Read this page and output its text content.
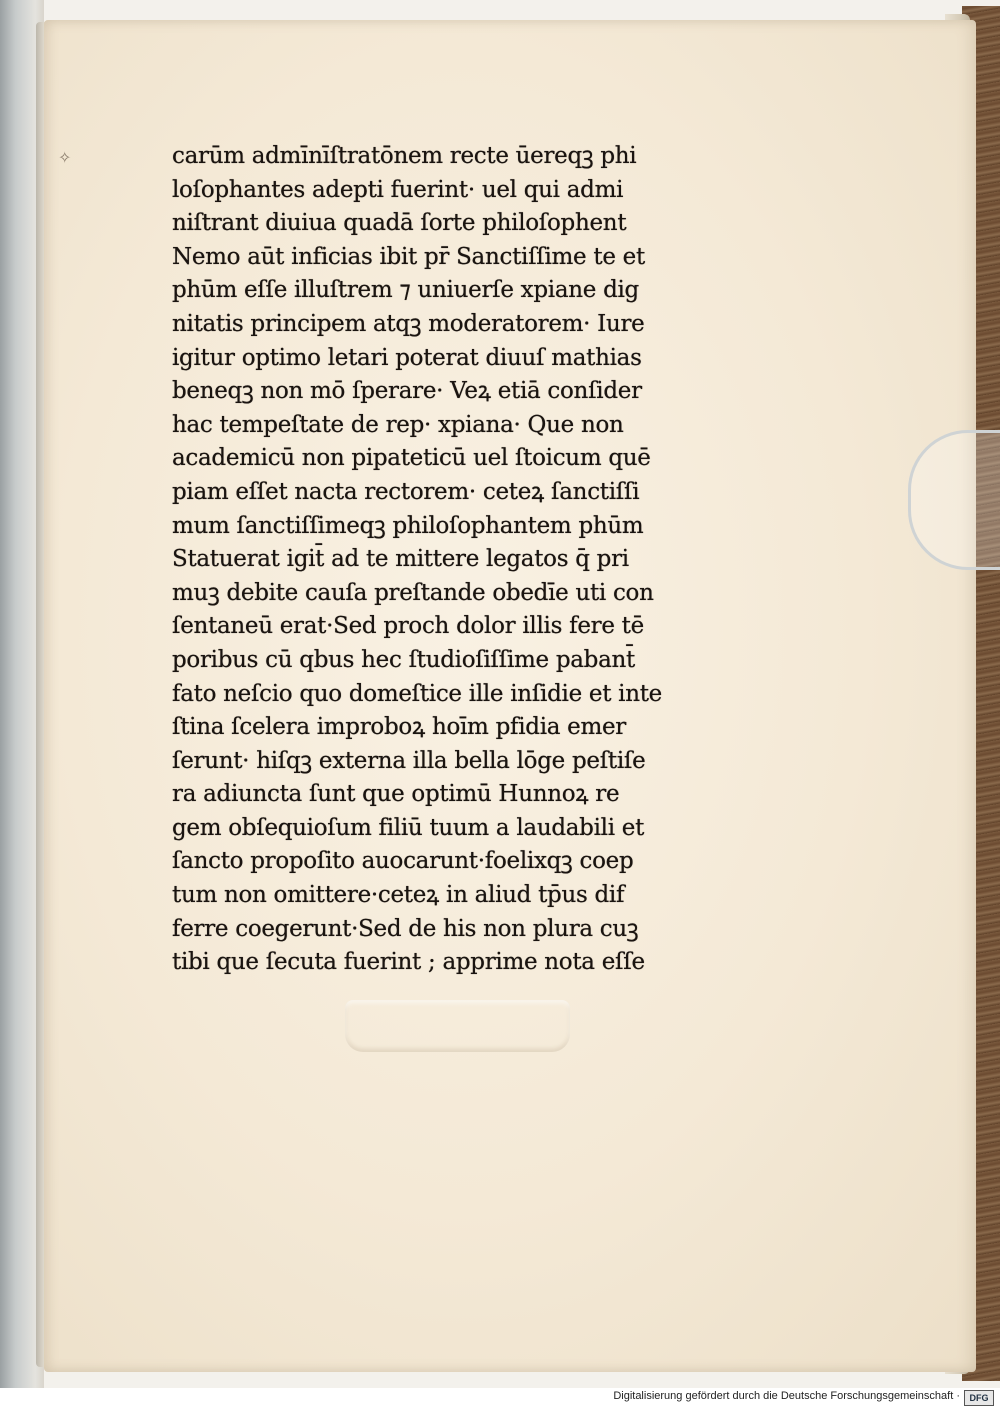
✧	carūm admīnīſtratōnem recte ūereqꝫ phi
loſophantes adepti fuerint· uel qui admi
niſtrant diuiua quadā ſorte philoſophent
Nemo aūt inficias ibit pr̄ Sanctiſſime te et
phūm eſſe illuſtrem ⁊ uniuerſe xpiane dig
nitatis principem atqꝫ moderatorem· Iure
igitur optimo letari poterat diuuſ mathias
beneqꝫ non mō ſperare· Veꝝ etiā conſider
hac tempeſtate de rep· xpiana· Que non
academicū non pipateticū uel ſtoicum quē
piam eſſet nacta rectorem· ceteꝝ ſanctiſſi
mum ſanctiſſimeqꝫ philoſophantem phūm
Statuerat igit̄ ad te mittere legatos q̄ pri
muꝫ debite cauſa preſtande obedīe uti con
ſentaneū erat·Sed proch dolor illis fere tē
poribus cū qbus hec ſtudioſiſſime pabant̄
fato neſcio quo domeſtice ille inſidie et inte
ſtina ſcelera improboꝝ hoīm pfidia emer
ſerunt· hiſqꝫ externa illa bella lōge peſtiſe
ra adiuncta ſunt que optimū Hunnoꝝ re
gem obſequioſum filiū tuum a laudabili et
ſancto propoſito auocarunt·foelixqꝫ coep
tum non omittere·ceteꝝ in aliud tp̄us dif
ferre coegerunt·Sed de his non plura cuꝫ
tibi que ſecuta fuerint ; apprime nota eſſe
Digitalisierung gefördert durch die Deutsche Forschungsgemeinschaft ·	DFG
